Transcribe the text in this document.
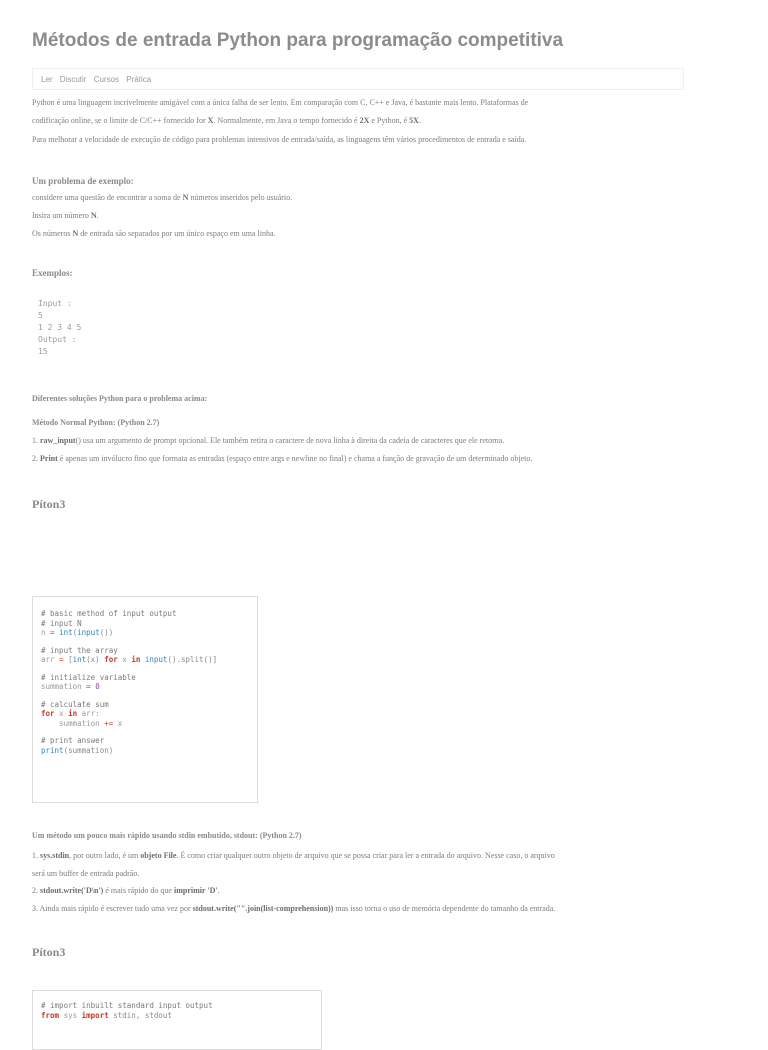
Métodos de entrada Python para programação competitiva
Ler Discutir Cursos Prática
Python é uma linguagem incrivelmente amigável com a única falha de ser lento. Em comparação com C, C++ e Java, é bastante mais lento. Plataformas de
codificação online, se o limite de C/C++ fornecido for X. Normalmente, em Java o tempo fornecido é 2X e Python, é 5X.
Para melhorar a velocidade de execução de código para problemas intensivos de entrada/saída, as linguagens têm vários procedimentos de entrada e saída.
Um problema de exemplo:
considere uma questão de encontrar a soma de N números inseridos pelo usuário.
Insira um número N.
Os números N de entrada são separados por um único espaço em uma linha.
Exemplos:
Input :
5
1 2 3 4 5
Output :
15
Diferentes soluções Python para o problema acima:
Método Normal Python: (Python 2.7)
1. raw_input() usa um argumento de prompt opcional. Ele também retira o caractere de nova linha à direita da cadeia de caracteres que ele retorna.
2. Print é apenas um invólucro fino que formata as entradas (espaço entre args e newline no final) e chama a função de gravação de um determinado objeto.
Píton3
# basic method of input output
# input N
n = int(input())
# input the array
arr = [int(x) for x in input().split()]
# initialize variable
summation = 0
# calculate sum
for x in arr:
summation += x
# print answer
print(summation)
Um método um pouco mais rápido usando stdin embutido, stdout: (Python 2.7)
1. sys.stdin, por outro lado, é um objeto File. É como criar qualquer outro objeto de arquivo que se possa criar para ler a entrada do arquivo. Nesse caso, o arquivo
será um buffer de entrada padrão.
2. stdout.write('D\n') é mais rápido do que imprimir 'D'.
3. Ainda mais rápido é escrever tudo uma vez por stdout.write("".join(list-comprehension)) mas isso torna o uso de memória dependente do tamanho da entrada.
Píton3
# import inbuilt standard input output
from sys import stdin, stdout
